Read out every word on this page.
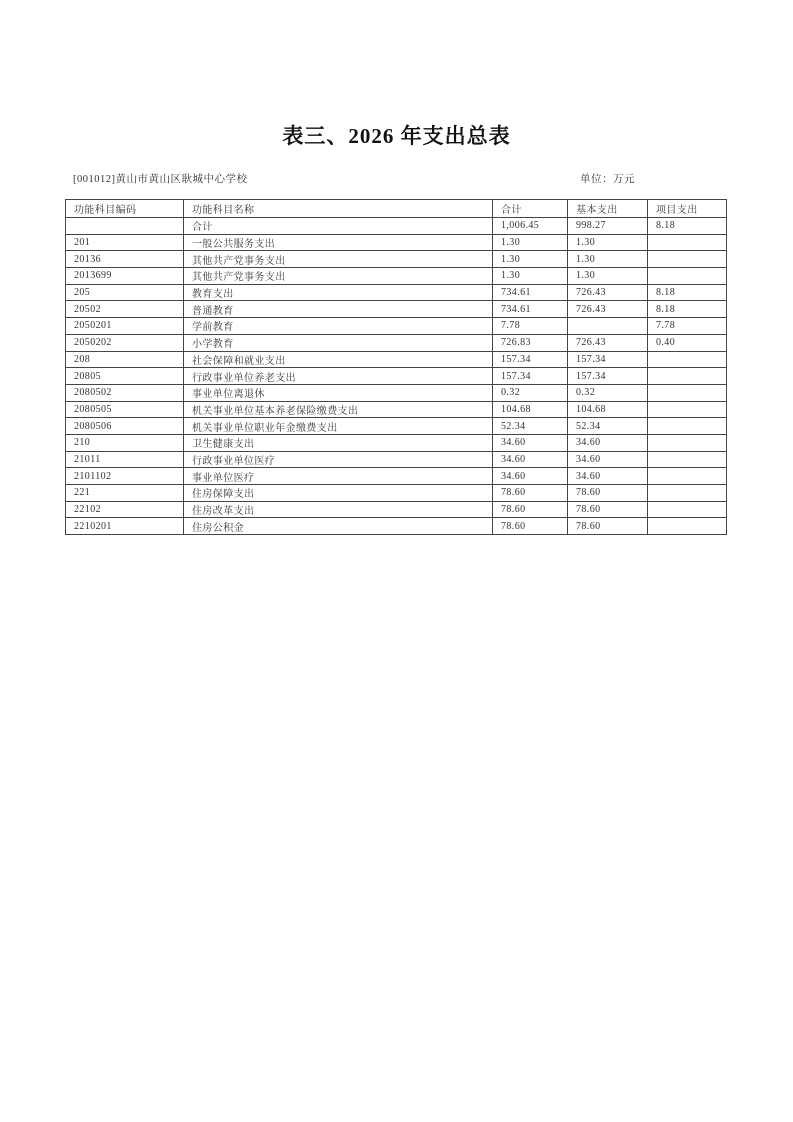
表三、2026 年支出总表
[001012]黄山市黄山区耿城中心学校	单位：万元
功能科目编码	功能科目名称	合计	基本支出	项目支出
	合计	1,006.45	998.27	8.18
201	一般公共服务支出	1.30	1.30	
20136	其他共产党事务支出	1.30	1.30	
2013699	其他共产党事务支出	1.30	1.30	
205	教育支出	734.61	726.43	8.18
20502	普通教育	734.61	726.43	8.18
2050201	学前教育	7.78		7.78
2050202	小学教育	726.83	726.43	0.40
208	社会保障和就业支出	157.34	157.34	
20805	行政事业单位养老支出	157.34	157.34	
2080502	事业单位离退休	0.32	0.32	
2080505	机关事业单位基本养老保险缴费支出	104.68	104.68	
2080506	机关事业单位职业年金缴费支出	52.34	52.34	
210	卫生健康支出	34.60	34.60	
21011	行政事业单位医疗	34.60	34.60	
2101102	事业单位医疗	34.60	34.60	
221	住房保障支出	78.60	78.60	
22102	住房改革支出	78.60	78.60	
2210201	住房公积金	78.60	78.60	
